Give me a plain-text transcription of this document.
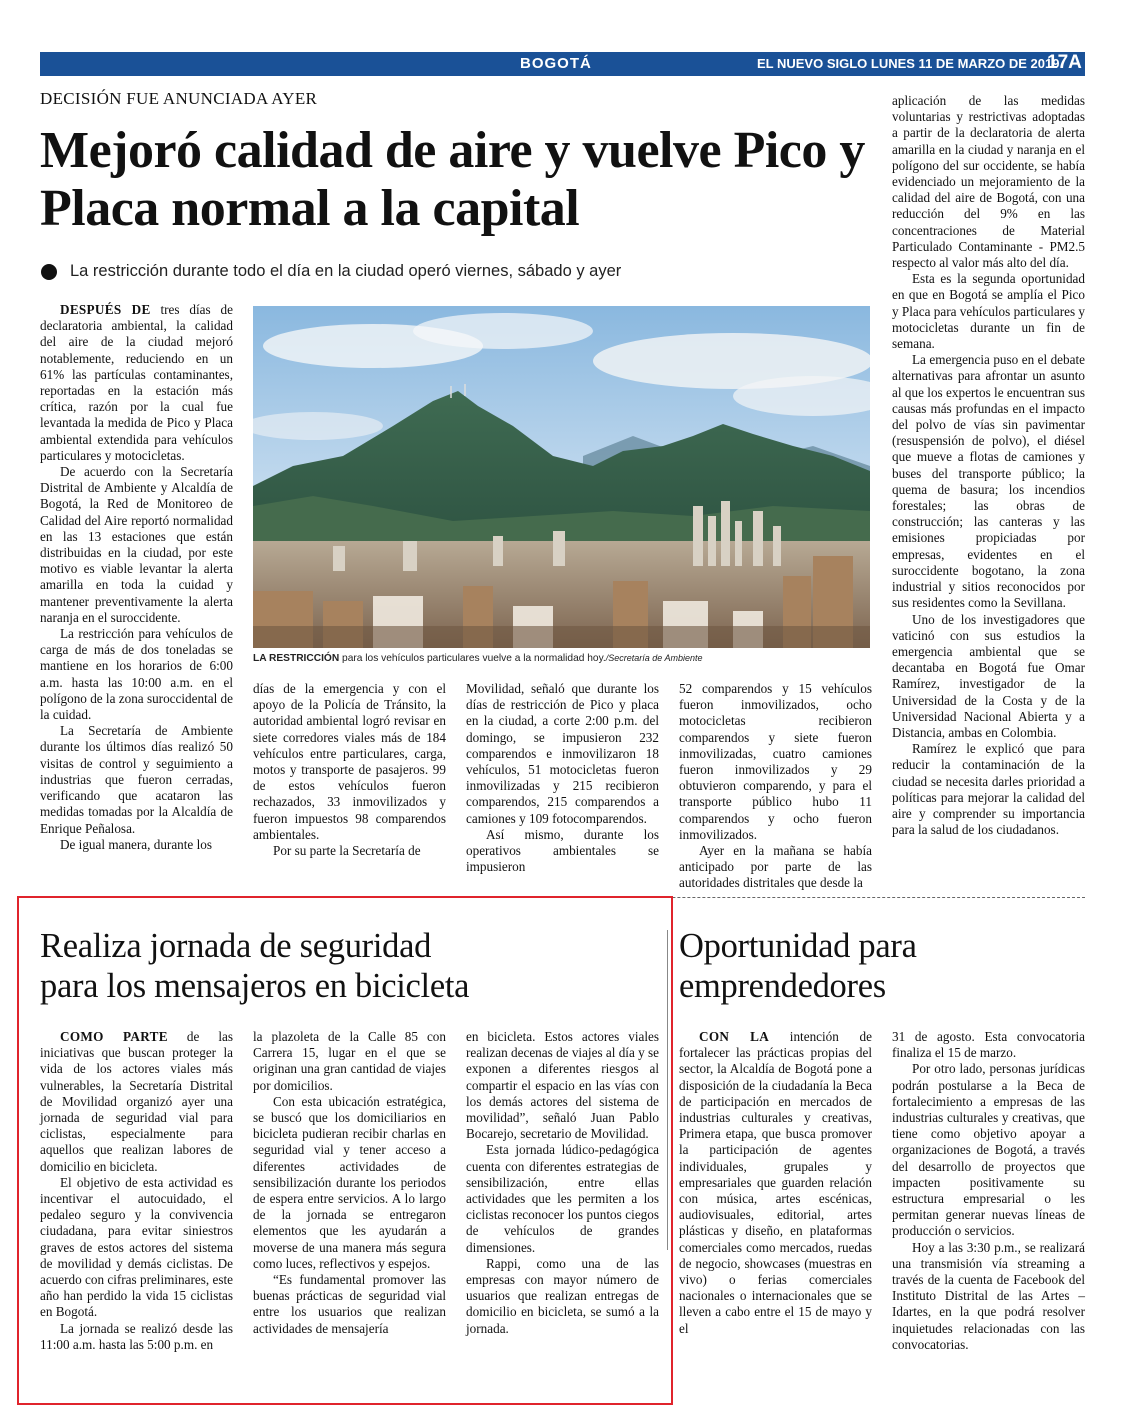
BOGOTÁ	EL NUEVO SIGLO LUNES 11 DE MARZO DE 2019
17A
DECISIÓN FUE ANUNCIADA AYER
Mejoró calidad de aire y vuelve Pico y Placa normal a la capital
La restricción durante todo el día en la ciudad operó viernes, sábado y ayer

DESPUÉS DE tres días de declaratoria ambiental, la calidad del aire de la ciudad mejoró notablemente, reduciendo en un 61% las partículas contaminantes, reportadas en la estación más crítica, razón por la cual fue levantada la medida de Pico y Placa ambiental extendida para vehículos particulares y motocicletas.

De acuerdo con la Secretaría Distrital de Ambiente y Alcaldía de Bogotá, la Red de Monitoreo de Calidad del Aire reportó normalidad en las 13 estaciones que están distribuidas en la ciudad, por este motivo es viable levantar la alerta amarilla en toda la cuidad y mantener preventivamente la alerta naranja en el suroccidente.

La restricción para vehículos de carga de más de dos toneladas se mantiene en los horarios de 6:00 a.m. hasta las 10:00 a.m. en el polígono de la zona suroccidental de la cuidad.

La Secretaría de Ambiente durante los últimos días realizó 50 visitas de control y seguimiento a industrias que fueron cerradas, verificando que acataron las medidas tomadas por la Alcaldía de Enrique Peñalosa.

De igual manera, durante los

LA RESTRICCIÓN para los vehículos particulares vuelve a la normalidad hoy./Secretaría de Ambiente

días de la emergencia y con el apoyo de la Policía de Tránsito, la autoridad ambiental logró revisar en siete corredores viales más de 184 vehículos entre particulares, carga, motos y transporte de pasajeros. 99 de estos vehículos fueron rechazados, 33 inmovilizados y fueron impuestos 98 comparendos ambientales.

Por su parte la Secretaría de

Movilidad, señaló que durante los días de restricción de Pico y placa en la ciudad, a corte 2:00 p.m. del domingo, se impusieron 232 comparendos e inmovilizaron 18 vehículos, 51 motocicletas fueron inmovilizadas y 215 recibieron comparendos, 215 comparendos a camiones y 109 fotocomparendos.

Así mismo, durante los operativos ambientales se impusieron

52 comparendos y 15 vehículos fueron inmovilizados, ocho motocicletas recibieron comparendos y siete fueron inmovilizadas, cuatro camiones fueron inmovilizados y 29 obtuvieron comparendo, y para el transporte público hubo 11 comparendos y ocho fueron inmovilizados.

Ayer en la mañana se había anticipado por parte de las autoridades distritales que desde la

aplicación de las medidas voluntarias y restrictivas adoptadas a partir de la declaratoria de alerta amarilla en la ciudad y naranja en el polígono del sur occidente, se había evidenciado un mejoramiento de la calidad del aire de Bogotá, con una reducción del 9% en las concentraciones de Material Particulado Contaminante - PM2.5 respecto al valor más alto del día.

Esta es la segunda oportunidad en que en Bogotá se amplía el Pico y Placa para vehículos particulares y motocicletas durante un fin de semana.

La emergencia puso en el debate alternativas para afrontar un asunto al que los expertos le encuentran sus causas más profundas en el impacto del polvo de vías sin pavimentar (resuspensión de polvo), el diésel que mueve a flotas de camiones y buses del transporte público; la quema de basura; los incendios forestales; las obras de construcción; las canteras y las emisiones propiciadas por empresas, evidentes en el suroccidente bogotano, la zona industrial y sitios reconocidos por sus residentes como la Sevillana.

Uno de los investigadores que vaticinó con sus estudios la emergencia ambiental que se decantaba en Bogotá fue Omar Ramírez, investigador de la Universidad de la Costa y de la Universidad Nacional Abierta y a Distancia, ambas en Colombia.

Ramírez le explicó que para reducir la contaminación de la ciudad se necesita darles prioridad a políticas para mejorar la calidad del aire y comprender su importancia para la salud de los ciudadanos.

Realiza jornada de seguridad
para los mensajeros en bicicleta

COMO PARTE de las iniciativas que buscan proteger la vida de los actores viales más vulnerables, la Secretaría Distrital de Movilidad organizó ayer una jornada de seguridad vial para ciclistas, especialmente para aquellos que realizan labores de domicilio en bicicleta.

El objetivo de esta actividad es incentivar el autocuidado, el pedaleo seguro y la convivencia ciudadana, para evitar siniestros graves de estos actores del sistema de movilidad y demás ciclistas. De acuerdo con cifras preliminares, este año han perdido la vida 15 ciclistas en Bogotá.

La jornada se realizó desde las 11:00 a.m. hasta las 5:00 p.m. en

la plazoleta de la Calle 85 con Carrera 15, lugar en el que se originan una gran cantidad de viajes por domicilios.

Con esta ubicación estratégica, se buscó que los domiciliarios en bicicleta pudieran recibir charlas en seguridad vial y tener acceso a diferentes actividades de sensibilización durante los periodos de espera entre servicios. A lo largo de la jornada se entregaron elementos que les ayudarán a moverse de una manera más segura como luces, reflectivos y espejos.

“Es fundamental promover las buenas prácticas de seguridad vial entre los usuarios que realizan actividades de mensajería

en bicicleta. Estos actores viales realizan decenas de viajes al día y se exponen a diferentes riesgos al compartir el espacio en las vías con los demás actores del sistema de movilidad”, señaló Juan Pablo Bocarejo, secretario de Movilidad.

Esta jornada lúdico-pedagógica cuenta con diferentes estrategias de sensibilización, entre ellas actividades que les permiten a los ciclistas reconocer los puntos ciegos de vehículos de grandes dimensiones.

Rappi, como una de las empresas con mayor número de usuarios que realizan entregas de domicilio en bicicleta, se sumó a la jornada.

Oportunidad para
emprendedores

CON LA intención de fortalecer las prácticas propias del sector, la Alcaldía de Bogotá pone a disposición de la ciudadanía la Beca de participación en mercados de industrias culturales y creativas, Primera etapa, que busca promover la participación de agentes individuales, grupales y empresariales que guarden relación con música, artes escénicas, audiovisuales, editorial, artes plásticas y diseño, en plataformas comerciales como mercados, ruedas de negocio, showcases (muestras en vivo) o ferias comerciales nacionales o internacionales que se lleven a cabo entre el 15 de mayo y el

31 de agosto. Esta convocatoria finaliza el 15 de marzo.

Por otro lado, personas jurídicas podrán postularse a la Beca de fortalecimiento a empresas de las industrias culturales y creativas, que tiene como objetivo apoyar a organizaciones de Bogotá, a través del desarrollo de proyectos que impacten positivamente su estructura empresarial o les permitan generar nuevas líneas de producción o servicios.

Hoy a las 3:30 p.m., se realizará una transmisión vía streaming a través de la cuenta de Facebook del Instituto Distrital de las Artes – Idartes, en la que podrá resolver inquietudes relacionadas con las convocatorias.
